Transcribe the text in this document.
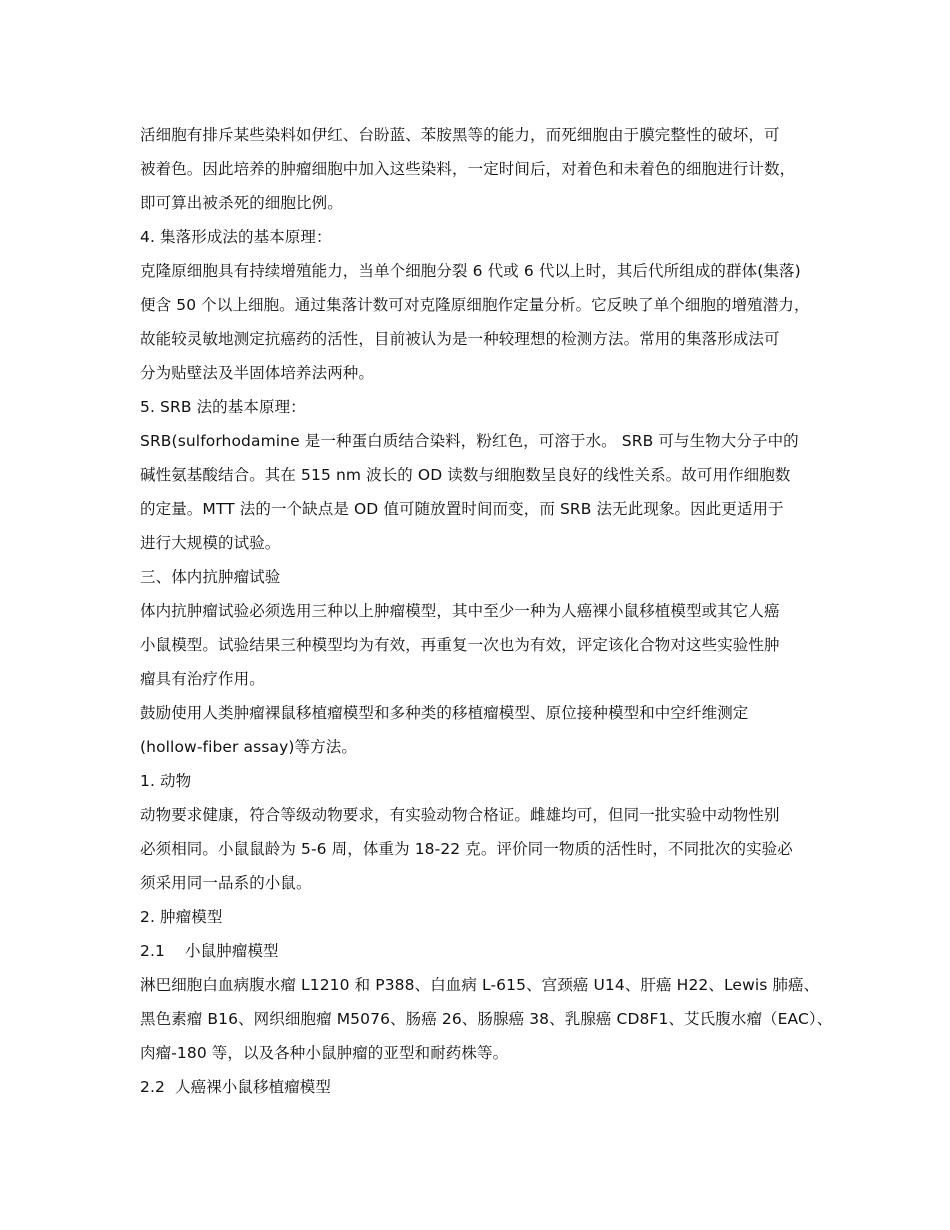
活细胞有排斥某些染料如伊红、台盼蓝、苯胺黑等的能力，而死细胞由于膜完整性的破坏，可
被着色。因此培养的肿瘤细胞中加入这些染料，一定时间后，对着色和未着色的细胞进行计数，
即可算出被杀死的细胞比例。
4. 集落形成法的基本原理：
克隆原细胞具有持续增殖能力，当单个细胞分裂 6 代或 6 代以上时，其后代所组成的群体(集落)
便含 50 个以上细胞。通过集落计数可对克隆原细胞作定量分析。它反映了单个细胞的增殖潜力，
故能较灵敏地测定抗癌药的活性，目前被认为是一种较理想的检测方法。常用的集落形成法可
分为贴壁法及半固体培养法两种。
5. SRB 法的基本原理：
SRB(sulforhodamine 是一种蛋白质结合染料，粉红色，可溶于水。 SRB 可与生物大分子中的
碱性氨基酸结合。其在 515 nm 波长的 OD 读数与细胞数呈良好的线性关系。故可用作细胞数
的定量。MTT 法的一个缺点是 OD 值可随放置时间而变，而 SRB 法无此现象。因此更适用于
进行大规模的试验。
三、体内抗肿瘤试验
体内抗肿瘤试验必须选用三种以上肿瘤模型，其中至少一种为人癌裸小鼠移植模型或其它人癌
小鼠模型。试验结果三种模型均为有效，再重复一次也为有效，评定该化合物对这些实验性肿
瘤具有治疗作用。
鼓励使用人类肿瘤裸鼠移植瘤模型和多种类的移植瘤模型、原位接种模型和中空纤维测定
(hollow-fiber assay)等方法。
1. 动物
动物要求健康，符合等级动物要求，有实验动物合格证。雌雄均可，但同一批实验中动物性别
必须相同。小鼠鼠龄为 5-6 周，体重为 18-22 克。评价同一物质的活性时，不同批次的实验必
须采用同一品系的小鼠。
2. 肿瘤模型
2.1    小鼠肿瘤模型
淋巴细胞白血病腹水瘤 L1210 和 P388、白血病 L-615、宫颈癌 U14、肝癌 H22、Lewis 肺癌、
黑色素瘤 B16、网织细胞瘤 M5076、肠癌 26、肠腺癌 38、乳腺癌 CD8F1、艾氏腹水瘤（EAC）、
肉瘤-180 等，以及各种小鼠肿瘤的亚型和耐药株等。
2.2  人癌裸小鼠移植瘤模型
